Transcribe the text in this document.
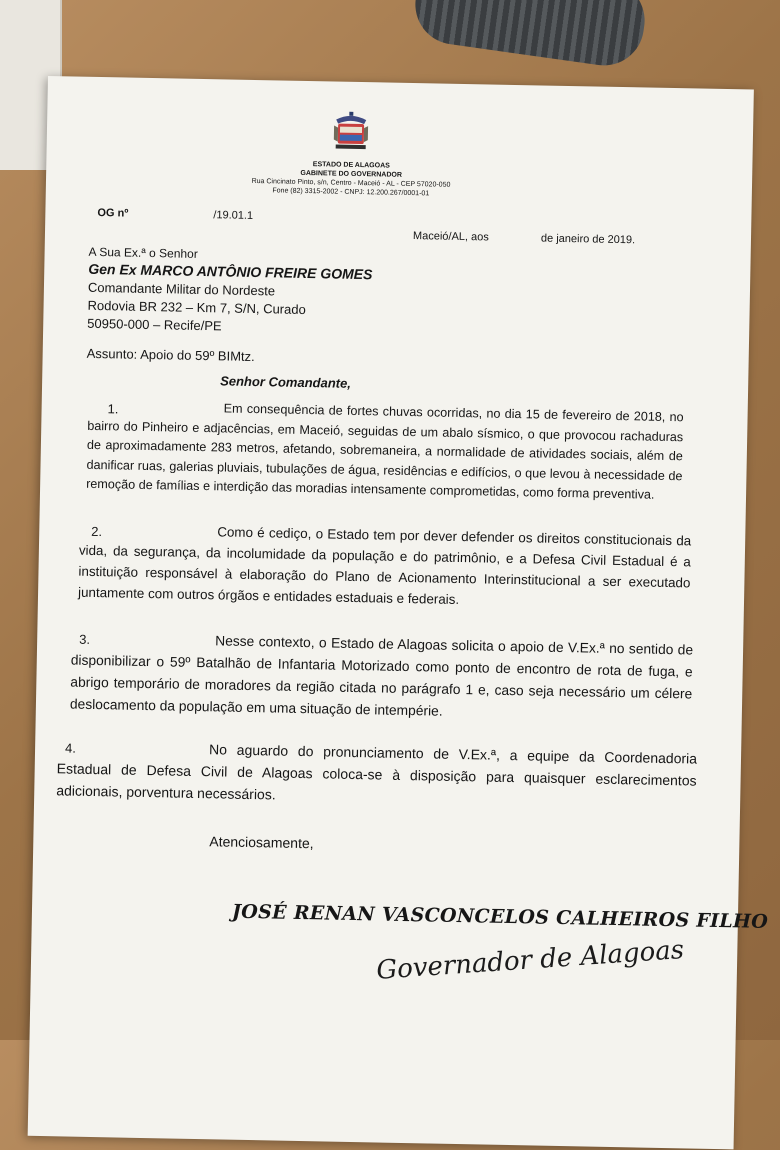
ESTADO DE ALAGOAS
GABINETE DO GOVERNADOR
Rua Cincinato Pinto, s/n, Centro - Maceió - AL - CEP 57020-050
Fone (82) 3315-2002 - CNPJ: 12.200.267/0001-01
OG nº	/19.01.1
Maceió/AL, aos	de janeiro de 2019.
A Sua Ex.ª o Senhor
Gen Ex MARCO ANTÔNIO FREIRE GOMES
Comandante Militar do Nordeste
Rodovia BR 232 – Km 7, S/N, Curado
50950-000 – Recife/PE
Assunto: Apoio do 59º BIMtz.
Senhor Comandante,
1.	Em consequência de fortes chuvas ocorridas, no dia 15 de fevereiro de 2018, no bairro do Pinheiro e adjacências, em Maceió, seguidas de um abalo sísmico, o que provocou rachaduras de aproximadamente 283 metros, afetando, sobremaneira, a normalidade de atividades sociais, além de danificar ruas, galerias pluviais, tubulações de água, residências e edifícios, o que levou à necessidade de remoção de famílias e interdição das moradias intensamente comprometidas, como forma preventiva.
2.	Como é cediço, o Estado tem por dever defender os direitos constitucionais da vida, da segurança, da incolumidade da população e do patrimônio, e a Defesa Civil Estadual é a instituição responsável à elaboração do Plano de Acionamento Interinstitucional a ser executado juntamente com outros órgãos e entidades estaduais e federais.
3.	Nesse contexto, o Estado de Alagoas solicita o apoio de V.Ex.ª no sentido de disponibilizar o 59º Batalhão de Infantaria Motorizado como ponto de encontro de rota de fuga, e abrigo temporário de moradores da região citada no parágrafo 1 e, caso seja necessário um célere deslocamento da população em uma situação de intempérie.
4.	No aguardo do pronunciamento de V.Ex.ª, a equipe da Coordenadoria Estadual de Defesa Civil de Alagoas coloca-se à disposição para quaisquer esclarecimentos adicionais, porventura necessários.
Atenciosamente,
JOSÉ RENAN VASCONCELOS CALHEIROS FILHO
Governador de Alagoas
